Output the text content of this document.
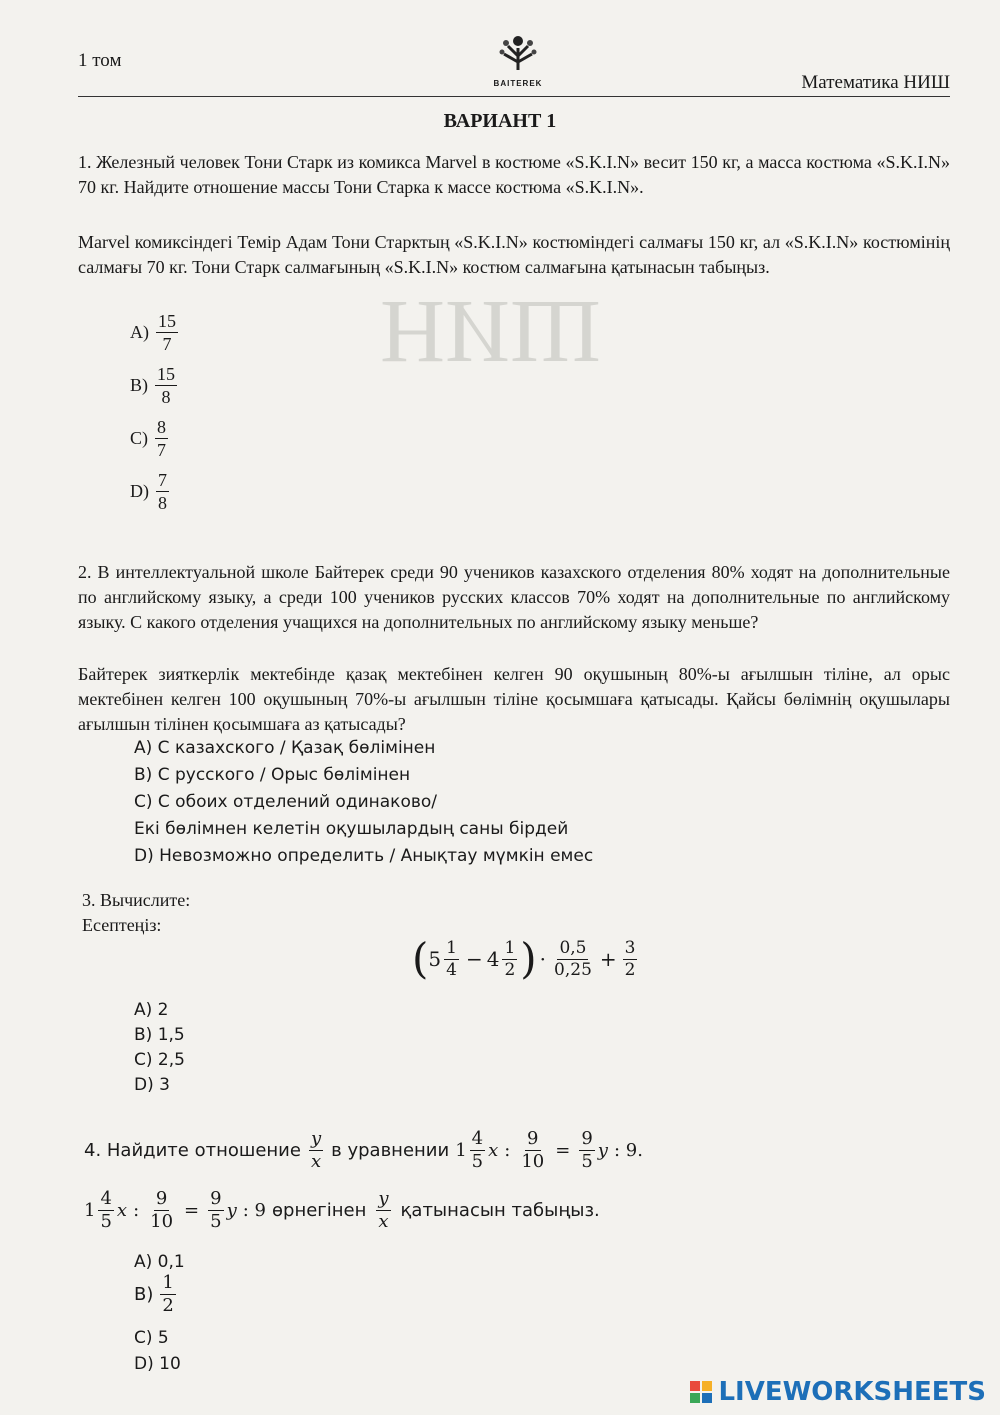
НИШ
1 том
BAITEREK	Математика НИШ
ВАРИАНТ 1
1. Железный человек Тони Старк из комикса Marvel в костюме «S.K.I.N» весит 150 кг, а масса костюма «S.K.I.N» 70 кг. Найдите отношение массы Тони Старка к массе костюма «S.K.I.N».
Marvel комиксіндегі Темір Адам Тони Старктың «S.K.I.N» костюміндегі салмағы 150 кг, ал «S.K.I.N» костюмінің салмағы 70 кг. Тони Старк салмағының «S.K.I.N» костюм салмағына қатынасын табыңыз.
$A) \frac{15}{7}$
$B) \frac{15}{8}$
$C) \frac{8}{7}$
$D) \frac{7}{8}$
2. В интеллектуальной школе Байтерек среди 90 учеников казахского отделения 80% ходят на дополнительные по английскому языку, а среди 100 учеников русских классов 70% ходят на дополнительные по английскому языку. С какого отделения учащихся на дополнительных по английскому языку меньше?
Байтерек зияткерлік мектебінде қазақ мектебінен келген 90 оқушының 80%-ы ағылшын тіліне, ал орыс мектебінен келген 100 оқушының 70%-ы ағылшын тіліне қосымшаға қатысады. Қайсы бөлімнің оқушылары ағылшын тілінен қосымшаға аз қатысады?
A) С казахского / Қазақ бөлімінен
B) С русского / Орыс бөлімінен
C) С обоих отделений одинаково/
Екі бөлімнен келетін оқушылардың саны бірдей
D) Невозможно определить / Анықтау мүмкін емес
3. Вычислите:
Есептеңіз:
( $5 \frac{1}{4} - 4 \frac{1}{2}$ ) · $\frac{0,5}{0,25} + \frac{3}{2}$
A) 2
B) 1,5
C) 2,5
D) 3
4. Найдите отношение $\frac{y}{x}$ в уравнении $1 \frac{4}{5}$ x : $\frac{9}{10} = \frac{9}{5}$ y : 9.
$1 \frac{4}{5}$ x : $\frac{9}{10} = \frac{9}{5}$ y : 9 өрнегінен $\frac{y}{x}$ қатынасын табыңыз.
A) 0,1
$B) \frac{1}{2}$
C) 5
D) 10
LIVEWORKSHEETS
